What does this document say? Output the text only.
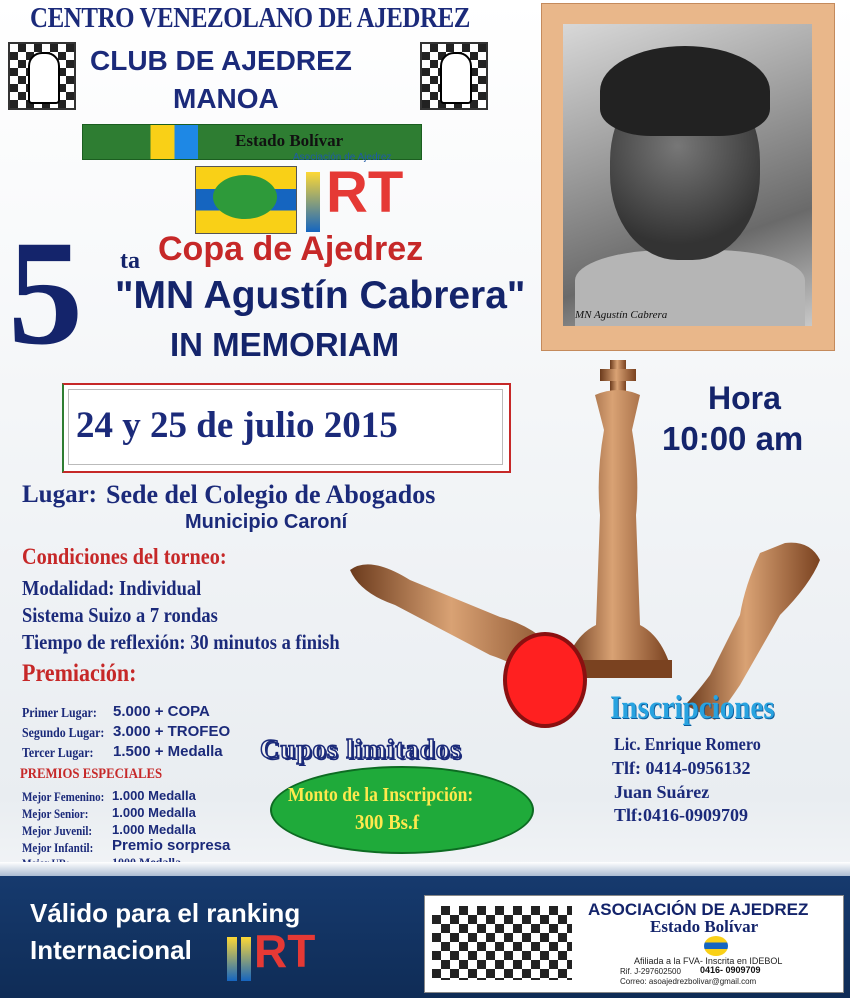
CENTRO VENEZOLANO DE AJEDREZ
CLUB DE AJEDREZ
MANOA
Estado Bolívar
Asociación de Ajedrez
RT
MN Agustín Cabrera
5 ta Copa de Ajedrez
"MN Agustín Cabrera"
IN MEMORIAM
24 y 25 de julio 2015
Hora
10:00 am
Lugar: Sede del Colegio de Abogados
Municipio Caroní
Condiciones del torneo:
Modalidad: Individual
Sistema Suizo a 7 rondas
Tiempo de reflexión: 30 minutos a finish
Premiación:
Primer Lugar: 5.000 + COPA
Segundo Lugar: 3.000 + TROFEO
Tercer Lugar: 1.500 + Medalla
PREMIOS ESPECIALES
Mejor Femenino: 1.000 Medalla
Mejor Senior: 1.000 Medalla
Mejor Juvenil: 1.000 Medalla
Mejor Infantil: Premio sorpresa
Cupos limitados
Monto de la Inscripción:
300 Bs.f
Inscripciones
Lic. Enrique Romero
Tlf: 0414-0956132
Juan Suárez
Tlf:0416-0909709
Válido para el ranking
Internacional RT
ASOCIACIÓN DE AJEDREZ
Estado Bolívar
Afiliada a la FVA- Inscrita en IDEBOL
Rif. J-297602500 0416- 0909709
Correo: asoajedrezbolivar@gmail.com
